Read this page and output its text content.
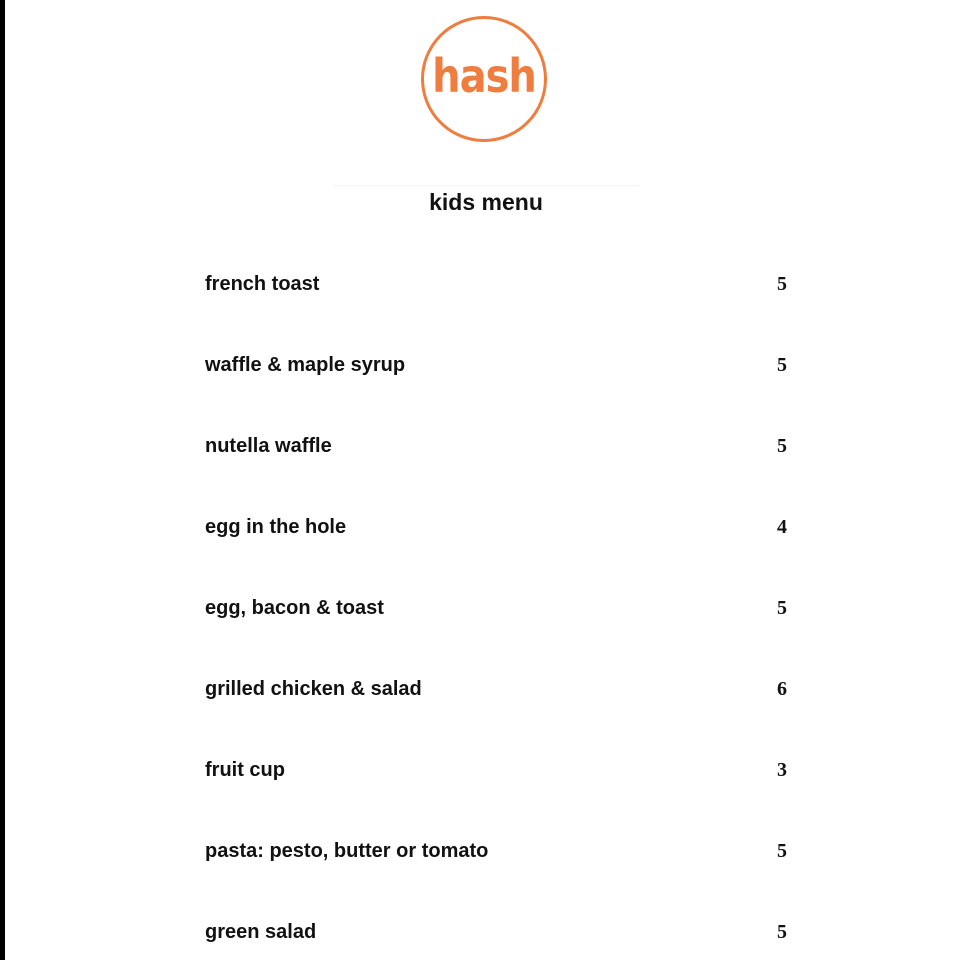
hash
kids menu
french toast	5
waffle & maple syrup	5
nutella waffle	5
egg in the hole	4
egg, bacon & toast	5
grilled chicken & salad	6
fruit cup	3
pasta: pesto, butter or tomato	5
green salad	5
